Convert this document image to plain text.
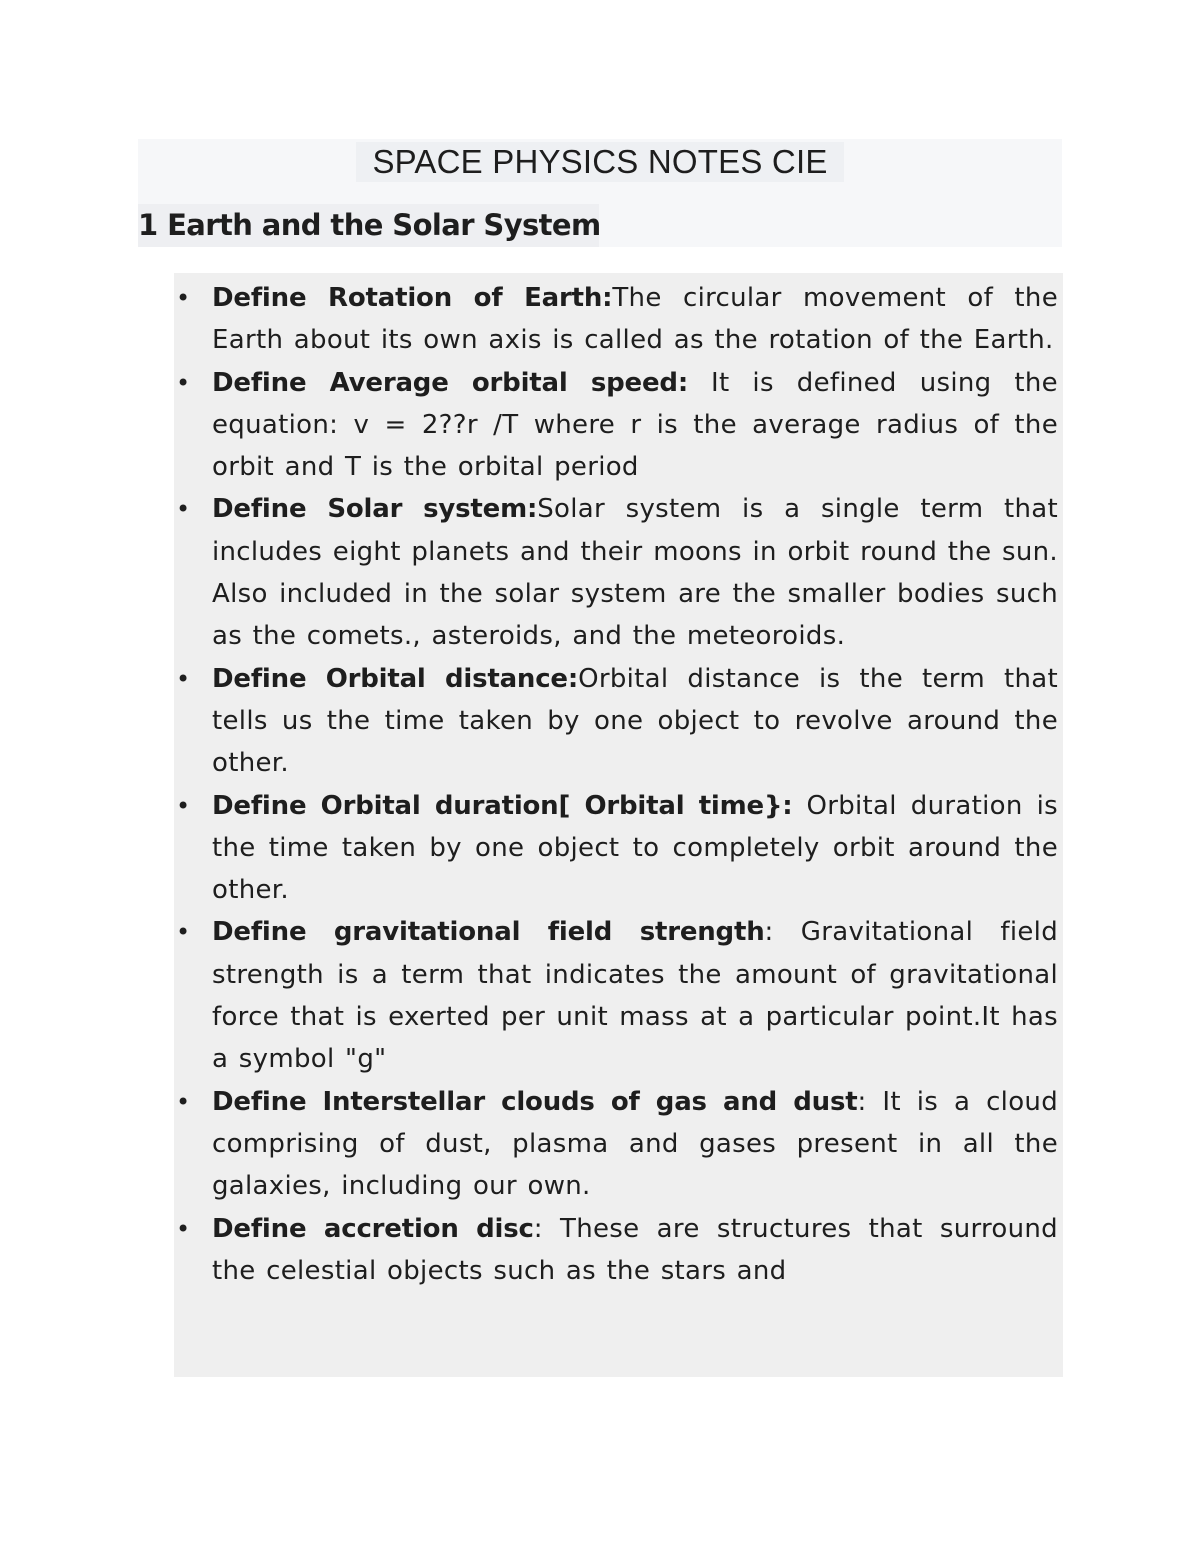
SPACE PHYSICS NOTES CIE
1 Earth and the Solar System
• Define Rotation of Earth:The circular movement of the Earth about its own axis is called as the rotation of the Earth.
• Define Average orbital speed: It is defined using the equation: v = 2??r /T where r is the average radius of the orbit and T is the orbital period
• Define Solar system:Solar system is a single term that includes eight planets and their moons in orbit round the sun. Also included in the solar system are the smaller bodies such as the comets., asteroids, and the meteoroids.
• Define Orbital distance:Orbital distance is the term that tells us the time taken by one object to revolve around the other.
• Define Orbital duration[ Orbital time}: Orbital duration is the time taken by one object to completely orbit around the other.
• Define gravitational field strength: Gravitational field strength is a term that indicates the amount of gravitational force that is exerted per unit mass at a particular point.It has a symbol "g"
• Define Interstellar clouds of gas and dust: It is a cloud comprising of dust, plasma and gases present in all the galaxies, including our own.
• Define accretion disc: These are structures that surround the celestial objects such as the stars and
